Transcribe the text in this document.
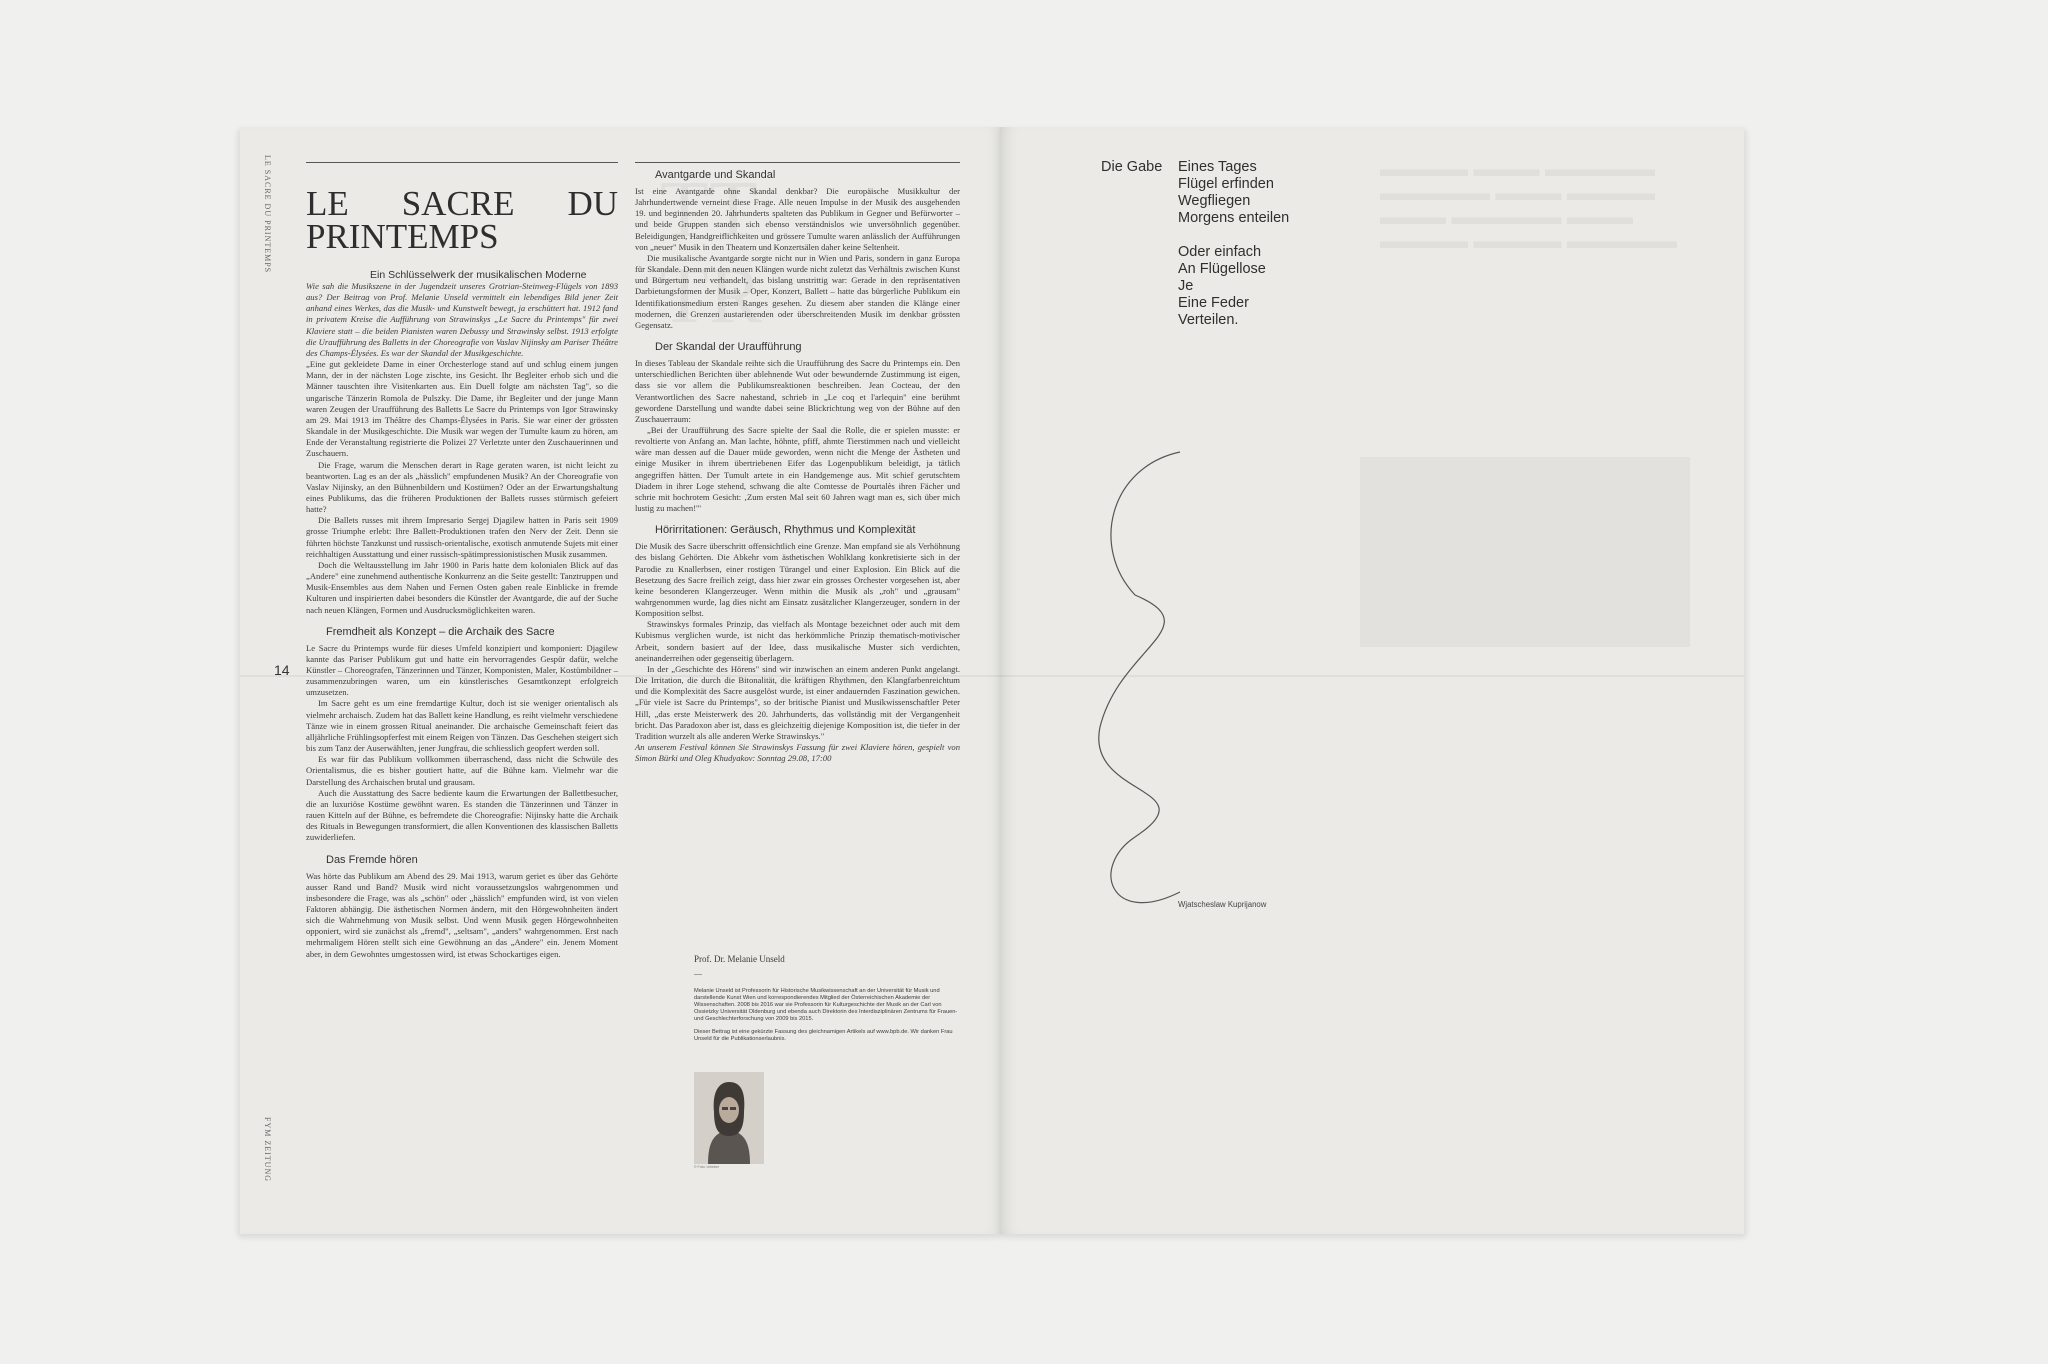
LE SACRE DU PRINTEMPS
FYM ZEITUNG
14
LE SACRE DU PRINTEMPS
Ein Schlüsselwerk der musikalischen Moderne

Wie sah die Musikszene in der Jugendzeit unseres Grotrian-Steinweg-Flügels von 1893 aus? Der Beitrag von Prof. Melanie Unseld vermittelt ein lebendiges Bild jener Zeit anhand eines Werkes, das die Musik- und Kunstwelt bewegt, ja erschüttert hat. 1912 fand in privatem Kreise die Aufführung von Strawinskys „Le Sacre du Printemps" für zwei Klaviere statt – die beiden Pianisten waren Debussy und Strawinsky selbst. 1913 erfolgte die Uraufführung des Balletts in der Choreografie von Vaslav Nijinsky am Pariser Théâtre des Champs-Élysées. Es war der Skandal der Musikgeschichte.

„Eine gut gekleidete Dame in einer Orchesterloge stand auf und schlug einem jungen Mann, der in der nächsten Loge zischte, ins Gesicht. Ihr Begleiter erhob sich und die Männer tauschten ihre Visitenkarten aus. Ein Duell folgte am nächsten Tag", so die ungarische Tänzerin Romola de Pulszky. Die Dame, ihr Begleiter und der junge Mann waren Zeugen der Uraufführung des Balletts Le Sacre du Printemps von Igor Strawinsky am 29. Mai 1913 im Théâtre des Champs-Élysées in Paris. Sie war einer der grössten Skandale in der Musikgeschichte. Die Musik war wegen der Tumulte kaum zu hören, am Ende der Veranstaltung registrierte die Polizei 27 Verletzte unter den Zuschauerinnen und Zuschauern.

Die Frage, warum die Menschen derart in Rage geraten waren, ist nicht leicht zu beantworten. Lag es an der als „hässlich" empfundenen Musik? An der Choreografie von Vaslav Nijinsky, an den Bühnenbildern und Kostümen? Oder an der Erwartungshaltung eines Publikums, das die früheren Produktionen der Ballets russes stürmisch gefeiert hatte?

Die Ballets russes mit ihrem Impresario Sergej Djagilew hatten in Paris seit 1909 grosse Triumphe erlebt: Ihre Ballett-Produktionen trafen den Nerv der Zeit. Denn sie führten höchste Tanzkunst und russisch-orientalische, exotisch anmutende Sujets mit einer reichhaltigen Ausstattung und einer russisch-spätimpressionistischen Musik zusammen.

Doch die Weltausstellung im Jahr 1900 in Paris hatte dem kolonialen Blick auf das „Andere" eine zunehmend authentische Konkurrenz an die Seite gestellt: Tanztruppen und Musik-Ensembles aus dem Nahen und Fernen Osten gaben reale Einblicke in fremde Kulturen und inspirierten dabei besonders die Künstler der Avantgarde, die auf der Suche nach neuen Klängen, Formen und Ausdrucksmöglichkeiten waren.

Fremdheit als Konzept – die Archaik des Sacre

Le Sacre du Printemps wurde für dieses Umfeld konzipiert und komponiert: Djagilew kannte das Pariser Publikum gut und hatte ein hervorragendes Gespür dafür, welche Künstler – Choreografen, Tänzerinnen und Tänzer, Komponisten, Maler, Kostümbildner – zusammenzubringen waren, um ein künstlerisches Gesamtkonzept erfolgreich umzusetzen.

Im Sacre geht es um eine fremdartige Kultur, doch ist sie weniger orientalisch als vielmehr archaisch. Zudem hat das Ballett keine Handlung, es reiht vielmehr verschiedene Tänze wie in einem grossen Ritual aneinander. Die archaische Gemeinschaft feiert das alljährliche Frühlingsopferfest mit einem Reigen von Tänzen. Das Geschehen steigert sich bis zum Tanz der Auserwählten, jener Jungfrau, die schliesslich geopfert werden soll.

Es war für das Publikum vollkommen überraschend, dass nicht die Schwüle des Orientalismus, die es bisher goutiert hatte, auf die Bühne kam. Vielmehr war die Darstellung des Archaischen brutal und grausam.

Auch die Ausstattung des Sacre bediente kaum die Erwartungen der Ballettbesucher, die an luxuriöse Kostüme gewöhnt waren. Es standen die Tänzerinnen und Tänzer in rauen Kitteln auf der Bühne, es befremdete die Choreografie: Nijinsky hatte die Archaik des Rituals in Bewegungen transformiert, die allen Konventionen des klassischen Balletts zuwiderliefen.

Das Fremde hören

Was hörte das Publikum am Abend des 29. Mai 1913, warum geriet es über das Gehörte ausser Rand und Band? Musik wird nicht voraussetzungslos wahrgenommen und insbesondere die Frage, was als „schön" oder „hässlich" empfunden wird, ist von vielen Faktoren abhängig. Die ästhetischen Normen ändern, mit den Hörgewohnheiten ändert sich die Wahrnehmung von Musik selbst. Und wenn Musik gegen Hörgewohnheiten opponiert, wird sie zunächst als „fremd", „seltsam", „anders" wahrgenommen. Erst nach mehrmaligem Hören stellt sich eine Gewöhnung an das „Andere" ein. Jenem Moment aber, in dem Gewohntes umgestossen wird, ist etwas Schockartiges eigen.

Avantgarde und Skandal

Ist eine Avantgarde ohne Skandal denkbar? Die europäische Musikkultur der Jahrhundertwende verneint diese Frage. Alle neuen Impulse in der Musik des ausgehenden 19. und beginnenden 20. Jahrhunderts spalteten das Publikum in Gegner und Befürworter – und beide Gruppen standen sich ebenso verständnislos wie unversöhnlich gegenüber. Beleidigungen, Handgreiflichkeiten und grössere Tumulte waren anlässlich der Aufführungen von „neuer" Musik in den Theatern und Konzertsälen daher keine Seltenheit.

Die musikalische Avantgarde sorgte nicht nur in Wien und Paris, sondern in ganz Europa für Skandale. Denn mit den neuen Klängen wurde nicht zuletzt das Verhältnis zwischen Kunst und Bürgertum neu verhandelt, das bislang unstrittig war: Gerade in den repräsentativen Darbietungsformen der Musik – Oper, Konzert, Ballett – hatte das bürgerliche Publikum ein Identifikationsmedium ersten Ranges gesehen. Zu diesem aber standen die Klänge einer modernen, die Grenzen austarierenden oder überschreitenden Musik im denkbar grössten Gegensatz.

Der Skandal der Uraufführung

In dieses Tableau der Skandale reihte sich die Uraufführung des Sacre du Printemps ein. Den unterschiedlichen Berichten über ablehnende Wut oder bewundernde Zustimmung ist eigen, dass sie vor allem die Publikumsreaktionen beschreiben. Jean Cocteau, der den Verantwortlichen des Sacre nahestand, schrieb in „Le coq et l'arlequin" eine berühmt gewordene Darstellung und wandte dabei seine Blickrichtung weg von der Bühne auf den Zuschauerraum:

„Bei der Uraufführung des Sacre spielte der Saal die Rolle, die er spielen musste: er revoltierte von Anfang an. Man lachte, höhnte, pfiff, ahmte Tierstimmen nach und vielleicht wäre man dessen auf die Dauer müde geworden, wenn nicht die Menge der Ästheten und einige Musiker in ihrem übertriebenen Eifer das Logenpublikum beleidigt, ja tätlich angegriffen hätten. Der Tumult artete in ein Handgemenge aus. Mit schief gerutschtem Diadem in ihrer Loge stehend, schwang die alte Comtesse de Pourtalès ihren Fächer und schrie mit hochrotem Gesicht: ‚Zum ersten Mal seit 60 Jahren wagt man es, sich über mich lustig zu machen!'"

Hörirritationen: Geräusch, Rhythmus und Komplexität

Die Musik des Sacre überschritt offensichtlich eine Grenze. Man empfand sie als Verhöhnung des bislang Gehörten. Die Abkehr vom ästhetischen Wohlklang konkretisierte sich in der Parodie zu Knallerbsen, einer rostigen Türangel und einer Explosion. Ein Blick auf die Besetzung des Sacre freilich zeigt, dass hier zwar ein grosses Orchester vorgesehen ist, aber keine besonderen Klangerzeuger. Wenn mithin die Musik als „roh" und „grausam" wahrgenommen wurde, lag dies nicht am Einsatz zusätzlicher Klangerzeuger, sondern in der Komposition selbst.

Strawinskys formales Prinzip, das vielfach als Montage bezeichnet oder auch mit dem Kubismus verglichen wurde, ist nicht das herkömmliche Prinzip thematisch-motivischer Arbeit, sondern basiert auf der Idee, dass musikalische Muster sich verdichten, aneinanderreihen oder gegenseitig überlagern.

In der „Geschichte des Hörens" sind wir inzwischen an einem anderen Punkt angelangt. Die Irritation, die durch die Bitonalität, die kräftigen Rhythmen, den Klangfarbenreichtum und die Komplexität des Sacre ausgelöst wurde, ist einer andauernden Faszination gewichen. „Für viele ist Sacre du Printemps", so der britische Pianist und Musikwissenschaftler Peter Hill, „das erste Meisterwerk des 20. Jahrhunderts, das vollständig mit der Vergangenheit bricht. Das Paradoxon aber ist, dass es gleichzeitig diejenige Komposition ist, die tiefer in der Tradition wurzelt als alle anderen Werke Strawinskys."

An unserem Festival können Sie Strawinskys Fassung für zwei Klaviere hören, gespielt von Simon Bürki und Oleg Khudyakov: Sonntag 29.08, 17:00

Prof. Dr. Melanie Unseld
—
Melanie Unseld ist Professorin für Historische Musikwissenschaft an der Universität für Musik und darstellende Kunst Wien und korrespondierendes Mitglied der Österreichischen Akademie der Wissenschaften. 2008 bis 2016 war sie Professorin für Kulturgeschichte der Musik an der Carl von Ossietzky Universität Oldenburg und ebenda auch Direktorin des Interdisziplinären Zentrums für Frauen- und Geschlechterforschung von 2009 bis 2015.
Dieser Beitrag ist eine gekürzte Fassung des gleichnamigen Artikels auf www.bpb.de. Wir danken Frau Unseld für die Publikationserlaubnis.
© Foto: Urheber

Die Gabe Eines Tages
Flügel erfinden
Wegfliegen
Morgens enteilen
Oder einfach
An Flügellose
Je
Eine Feder
Verteilen.
Wjatscheslaw Kuprijanow
